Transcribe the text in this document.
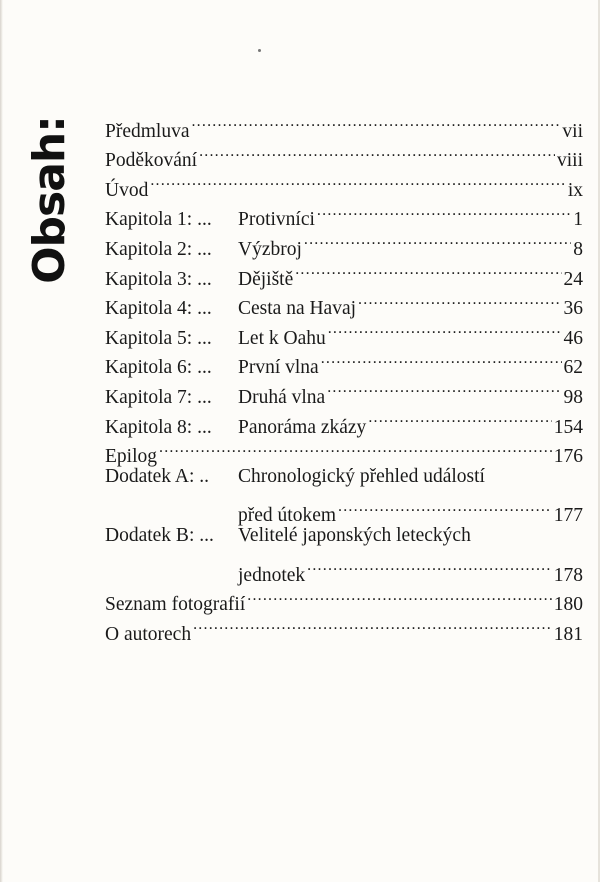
Obsah: Předmluva .....	vii
Poděkování .....	viii
Úvod .....	ix
Kapitola 1: ... Protivníci .....	1
Kapitola 2: ... Výzbroj .....	8
Kapitola 3: ... Dějiště .....	24
Kapitola 4: ... Cesta na Havaj .....	36
Kapitola 5: ... Let k Oahu .....	46
Kapitola 6: ... První vlna .....	62
Kapitola 7: ... Druhá vlna .....	98
Kapitola 8: ... Panoráma zkázy .....	154
Epilog .....	176
Dodatek A: .. Chronologický přehled událostí
před útokem .....	177
Dodatek B: ... Velitelé japonských leteckých
jednotek .....	178
Seznam fotografií .....	180
O autorech .....	181
